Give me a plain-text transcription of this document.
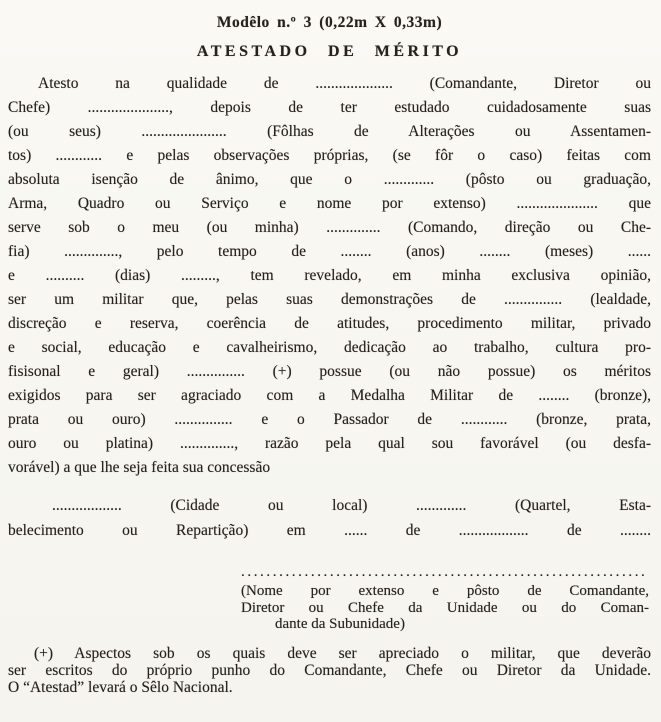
Modêlo n.º 3 (0,22m X 0,33m)
ATESTADO DE MÉRITO
Atesto na qualidade de .................... (Comandante, Diretor ou
Chefe) ....................., depois de ter estudado cuidadosamente suas
(ou seus) ...................... (Fôlhas de Alterações ou Assentamen-
tos) ............ e pelas observações próprias, (se fôr o caso) feitas com
absoluta isenção de ânimo, que o ............. (pôsto ou graduação,
Arma, Quadro ou Serviço e nome por extenso) ..................... que
serve sob o meu (ou minha) .............. (Comando, direção ou Che-
fia) .............., pelo tempo de ........ (anos) ........ (meses) ......
e .......... (dias) ........., tem revelado, em minha exclusiva opinião,
ser um militar que, pelas suas demonstrações de ............... (lealdade,
discreção e reserva, coerência de atitudes, procedimento militar, privado
e social, educação e cavalheirismo, dedicação ao trabalho, cultura pro-
fisisonal e geral) ............... (+) possue (ou não possue) os méritos
exigidos para ser agraciado com a Medalha Militar de ........ (bronze),
prata ou ouro) ............... e o Passador de ............ (bronze, prata,
ouro ou platina) .............., razão pela qual sou favorável (ou desfa-
vorável) a que lhe seja feita sua concessão
.................. (Cidade ou local) ............. (Quartel, Esta-
belecimento ou Repartição) em ...... de .................. de ........
................................................................
(Nome por extenso e pôsto de Comandante,
Diretor ou Chefe da Unidade ou do Coman-
dante da Subunidade)
(+) Aspectos sob os quais deve ser apreciado o militar, que deverão
ser escritos do próprio punho do Comandante, Chefe ou Diretor da Unidade.
O “Atestad” levará o Sêlo Nacional.
